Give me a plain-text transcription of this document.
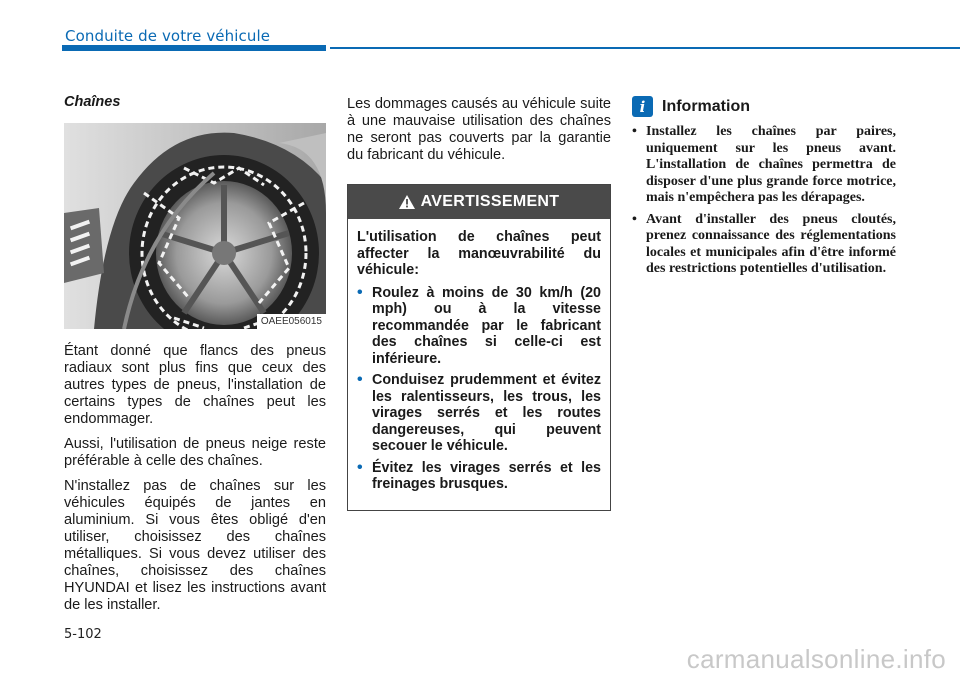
Conduite de votre véhicule
Chaînes
OAEE056015

Étant donné que flancs des pneus radiaux sont plus fins que ceux des autres types de pneus, l'installation de certains types de chaînes peut les endommager.

Aussi, l'utilisation de pneus neige reste préférable à celle des chaînes.

N'installez pas de chaînes sur les véhicules équipés de jantes en aluminium. Si vous êtes obligé d'en utiliser, choisissez des chaînes métalliques. Si vous devez utiliser des chaînes, choisissez des chaînes HYUNDAI et lisez les instructions avant de les installer.

Les dommages causés au véhicule suite à une mauvaise utilisation des chaînes ne seront pas couverts par la garantie du fabricant du véhicule.

AVERTISSEMENT

L'utilisation de chaînes peut affecter la manœuvrabilité du véhicule:

• Roulez à moins de 30 km/h (20 mph) ou à la vitesse recommandée par le fabricant des chaînes si celle-ci est inférieure.
• Conduisez prudemment et évitez les ralentisseurs, les trous, les virages serrés et les routes dangereuses, qui peuvent secouer le véhicule.
• Évitez les virages serrés et les freinages brusques.
i	Information
• Installez les chaînes par paires, uniquement sur les pneus avant. L'installation de chaînes permettra de disposer d'une plus grande force motrice, mais n'empêchera pas les dérapages.
• Avant d'installer des pneus cloutés, prenez connaissance des réglementations locales et municipales afin d'être informé des restrictions potentielles d'utilisation.
5-102
carmanualsonline.info
